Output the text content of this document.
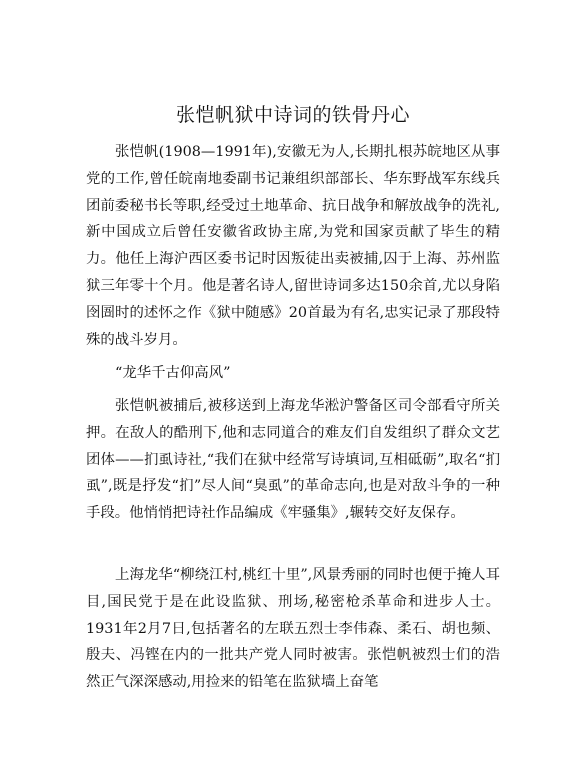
张恺帆狱中诗词的铁骨丹心

张恺帆(1908—1991年),安徽无为人,长期扎根苏皖地区从事党的工作,曾任皖南地委副书记兼组织部部长、华东野战军东线兵团前委秘书长等职,经受过土地革命、抗日战争和解放战争的洗礼,新中国成立后曾任安徽省政协主席,为党和国家贡献了毕生的精力。他任上海沪西区委书记时因叛徒出卖被捕,囚于上海、苏州监狱三年零十个月。他是著名诗人,留世诗词多达150余首,尤以身陷囹圄时的述怀之作《狱中随感》20首最为有名,忠实记录了那段特殊的战斗岁月。

“龙华千古仰高风”

张恺帆被捕后,被移送到上海龙华淞沪警备区司令部看守所关押。在敌人的酷刑下,他和志同道合的难友们自发组织了群众文艺团体——扪虱诗社,“我们在狱中经常写诗填词,互相砥砺”,取名“扪虱”,既是抒发“扪”尽人间“臭虱”的革命志向,也是对敌斗争的一种手段。他悄悄把诗社作品编成《牢骚集》,辗转交好友保存。

上海龙华“柳绕江村,桃红十里”,风景秀丽的同时也便于掩人耳目,国民党于是在此设监狱、刑场,秘密枪杀革命和进步人士。1931年2月7日,包括著名的左联五烈士李伟森、柔石、胡也频、殷夫、冯铿在内的一批共产党人同时被害。张恺帆被烈士们的浩然正气深深感动,用捡来的铅笔在监狱墙上奋笔
